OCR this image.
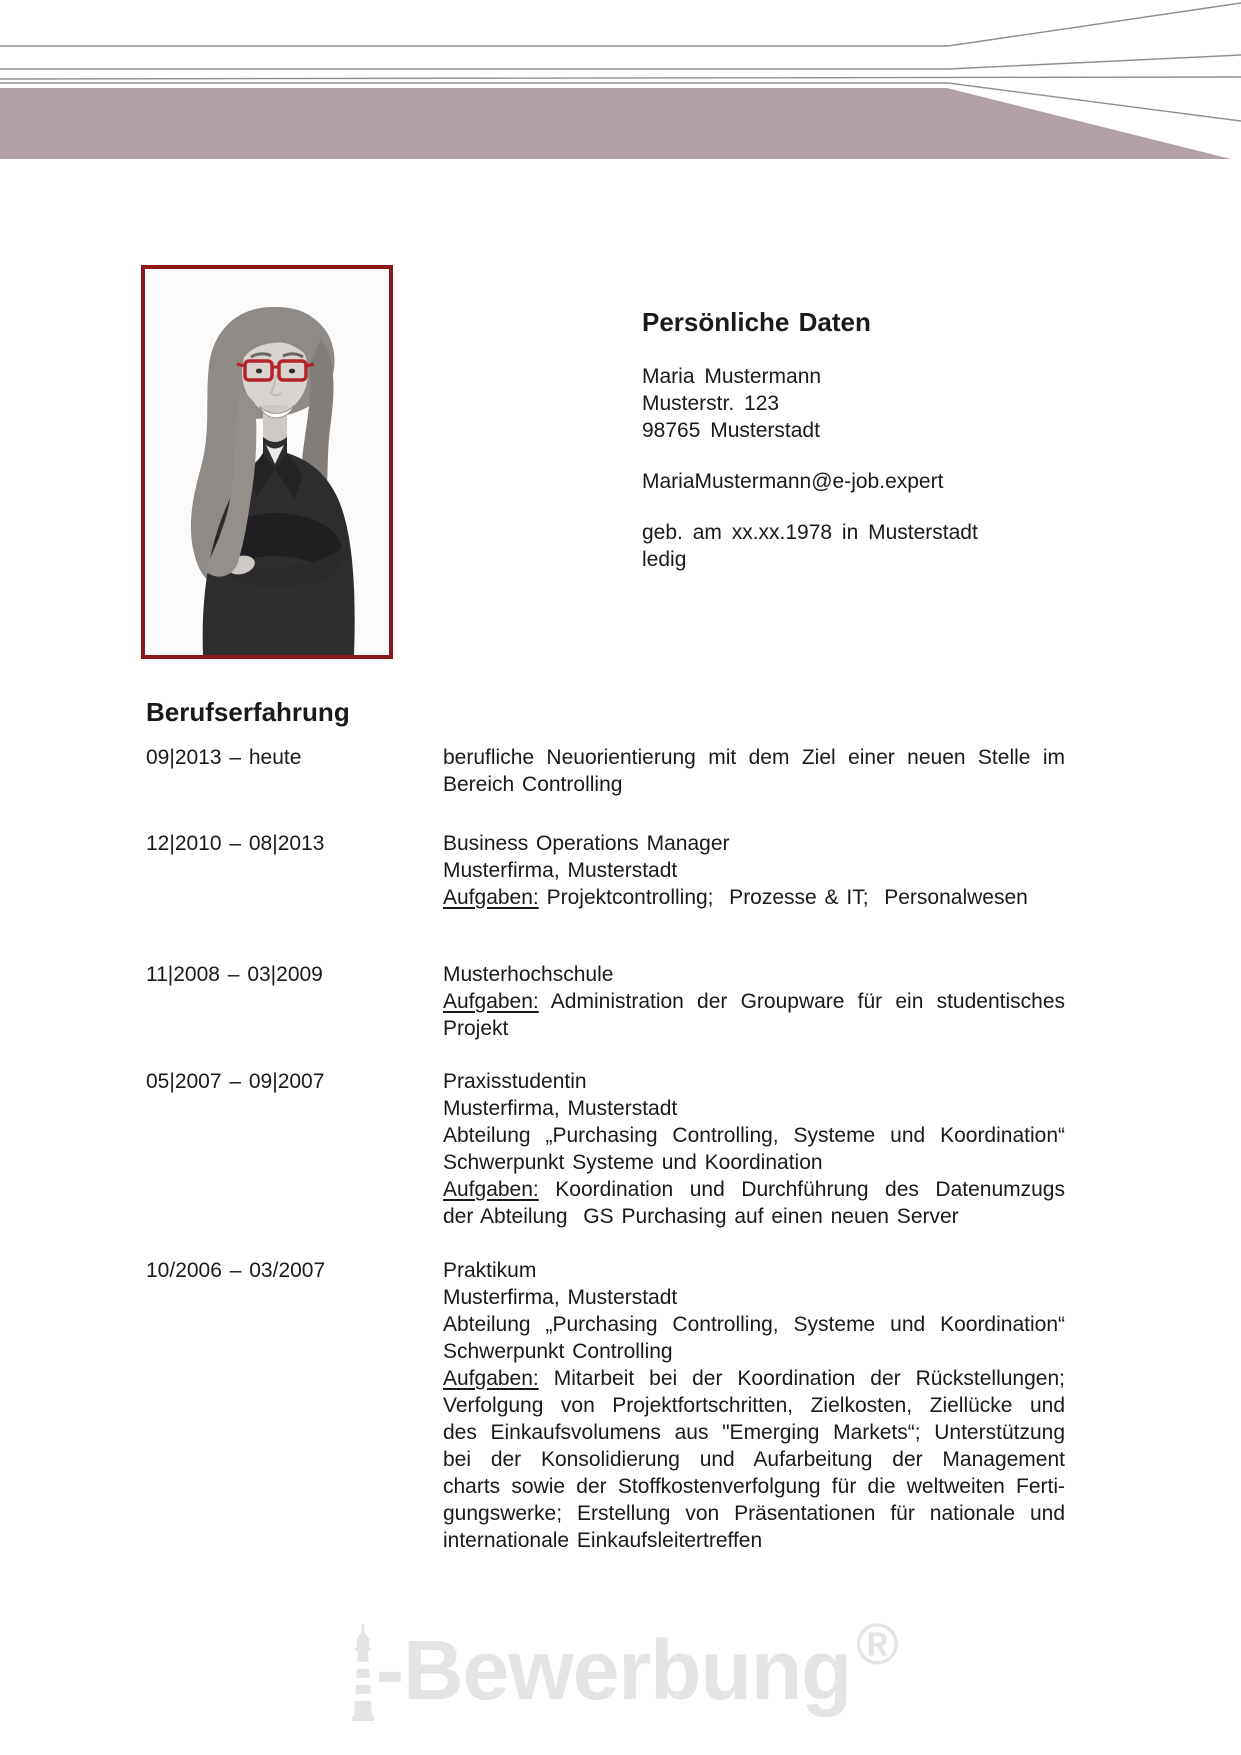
Persönliche Daten
Maria Mustermann
Musterstr. 123
98765 Musterstadt
MariaMustermann@e-job.expert
geb. am xx.xx.1978 in Musterstadt
ledig
Berufserfahrung
09|2013 – heute	berufliche Neuorientierung mit dem Ziel einer neuen Stelle im
Bereich Controlling
12|2010 – 08|2013	Business Operations Manager
Musterfirma, Musterstadt
Aufgaben: Projektcontrolling;  Prozesse & IT;  Personalwesen
11|2008 – 03|2009	Musterhochschule
Aufgaben: Administration der Groupware für ein studentisches
Projekt
05|2007 – 09|2007	Praxisstudentin
Musterfirma, Musterstadt
Abteilung „Purchasing Controlling, Systeme und Koordination“
Schwerpunkt Systeme und Koordination
Aufgaben: Koordination und Durchführung des Datenumzugs
der Abteilung  GS Purchasing auf einen neuen Server
10/2006 – 03/2007	Praktikum
Musterfirma, Musterstadt
Abteilung „Purchasing Controlling, Systeme und Koordination“
Schwerpunkt Controlling
Aufgaben: Mitarbeit bei der Koordination der Rückstellungen;
Verfolgung von Projektfortschritten, Zielkosten, Ziellücke und
des Einkaufsvolumens aus "Emerging Markets“; Unterstützung
bei der Konsolidierung und Aufarbeitung der Management
charts sowie der Stoffkostenverfolgung für die weltweiten Ferti-
gungswerke; Erstellung von Präsentationen für nationale und
internationale Einkaufsleitertreffen
-Bewerbung ®
